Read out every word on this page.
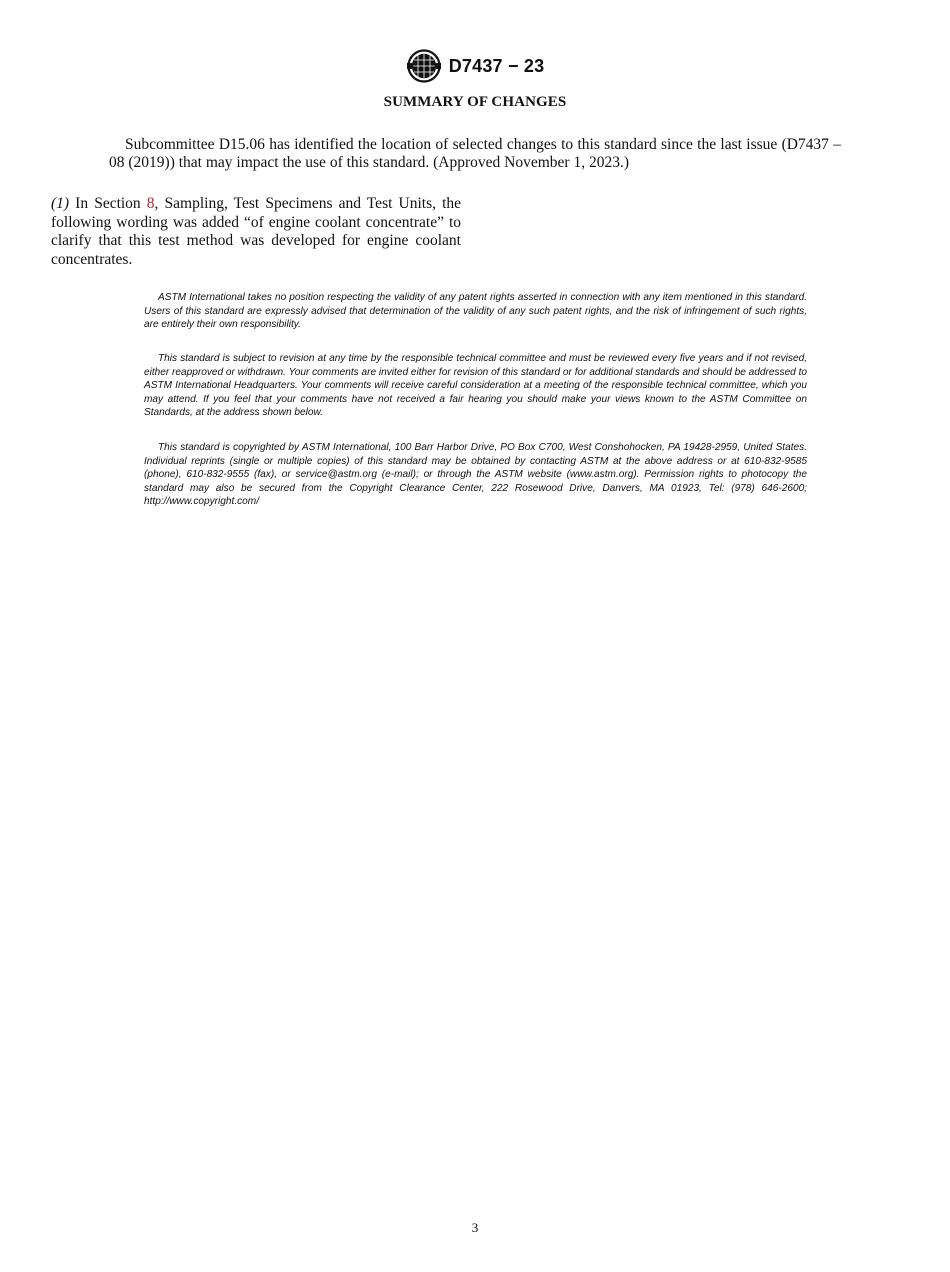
D7437 − 23
SUMMARY OF CHANGES

Subcommittee D15.06 has identified the location of selected changes to this standard since the last issue (D7437 – 08 (2019)) that may impact the use of this standard. (Approved November 1, 2023.)

(1) In Section 8, Sampling, Test Specimens and Test Units, the following wording was added “of engine coolant concentrate” to clarify that this test method was developed for engine coolant concentrates.

ASTM International takes no position respecting the validity of any patent rights asserted in connection with any item mentioned in this standard. Users of this standard are expressly advised that determination of the validity of any such patent rights, and the risk of infringement of such rights, are entirely their own responsibility.

This standard is subject to revision at any time by the responsible technical committee and must be reviewed every five years and if not revised, either reapproved or withdrawn. Your comments are invited either for revision of this standard or for additional standards and should be addressed to ASTM International Headquarters. Your comments will receive careful consideration at a meeting of the responsible technical committee, which you may attend. If you feel that your comments have not received a fair hearing you should make your views known to the ASTM Committee on Standards, at the address shown below.

This standard is copyrighted by ASTM International, 100 Barr Harbor Drive, PO Box C700, West Conshohocken, PA 19428-2959, United States. Individual reprints (single or multiple copies) of this standard may be obtained by contacting ASTM at the above address or at 610-832-9585 (phone), 610-832-9555 (fax), or service@astm.org (e-mail); or through the ASTM website (www.astm.org). Permission rights to photocopy the standard may also be secured from the Copyright Clearance Center, 222 Rosewood Drive, Danvers, MA 01923, Tel: (978) 646-2600; http://www.copyright.com/

3
